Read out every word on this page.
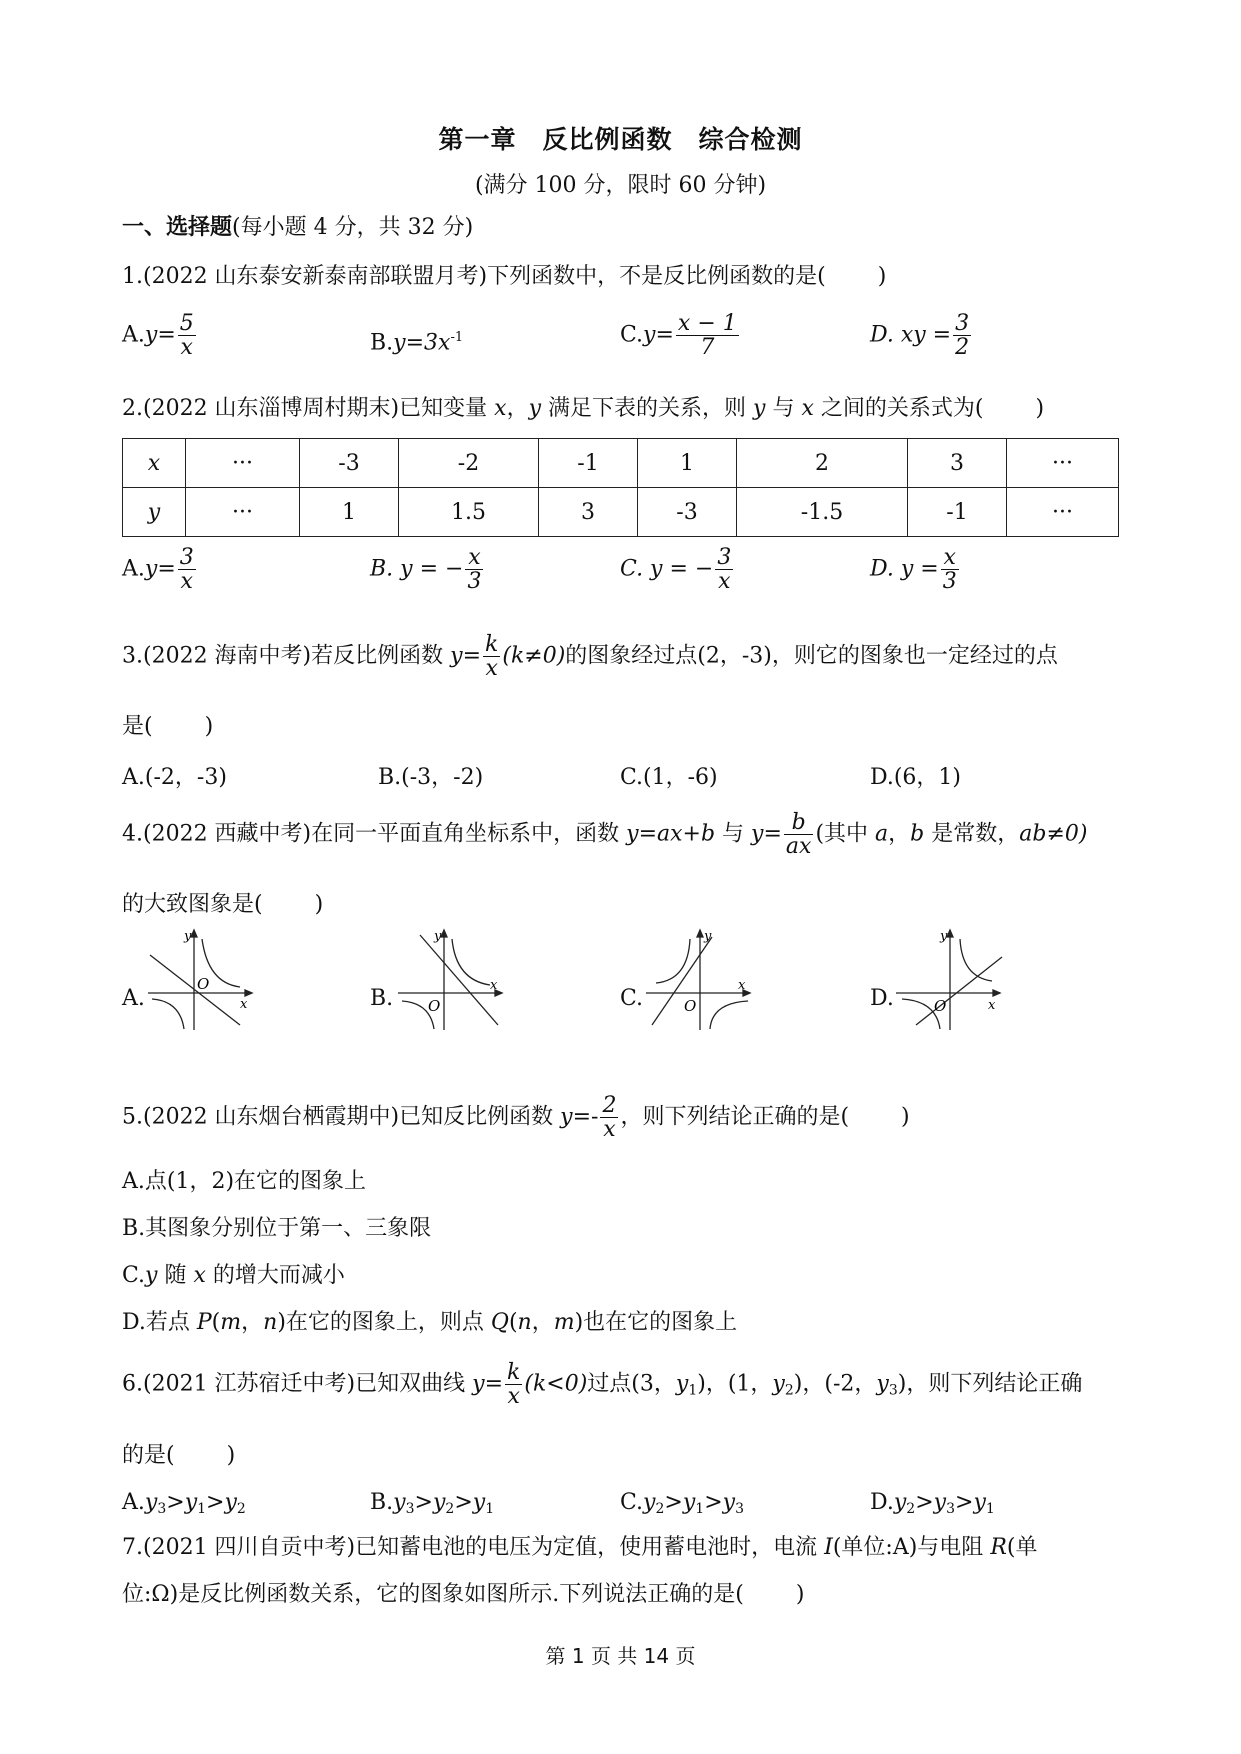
第一章　反比例函数　综合检测
(满分 100 分，限时 60 分钟)
一、选择题(每小题 4 分，共 32 分)
1.(2022 山东泰安新泰南部联盟月考)下列函数中，不是反比例函数的是( )
$A.y= \frac{5}{x}$	$B.y=3x^{-1}$	$C.y= \frac{x - 1}{7}$	D. xy = $\frac{3}{2}$
2.(2022 山东淄博周村期末)已知变量 x，y 满足下表的关系，则 y 与 x 之间的关系式为( )
x	···	-3	-2	-1	1	2	3	···
y	···	1	1.5	3	-3	-1.5	-1	···
$A.y= \frac{3}{x}$	B. y = − $\frac{x}{3}$	C. y = − $\frac{3}{x}$	D. $y = \frac{x}{3}$
3.(2022 海南中考)若反比例函数 $y= \frac{k}{x} (k\ne 0)$的图象经过点(2，-3)，则它的图象也一定经过的点
是( )
A.(-2，-3)	B.(-3，-2)	C.(1，-6)	D.(6，1)
4.(2022 西藏中考)在同一平面直角坐标系中，函数 y=ax+b 与 $y= \frac{b}{ax}$ (其中 a，b 是常数，ab≠0)
的大致图象是( )
A.
y
O
x	B.
y
O
x
C.
y
O
x
D.
y
O	x
5.(2022 山东烟台栖霞期中)已知反比例函数 $y=- \frac{2}{x}$ ，则下列结论正确的是( )
A.点(1，2)在它的图象上
B.其图象分别位于第一、三象限
C.y 随 x 的增大而减小
D.若点 P(m，n)在它的图象上，则点 Q(n，m)也在它的图象上
6.(2021 江苏宿迁中考)已知双曲线 $y= \frac{k}{x} (k<0)$过点(3，$y_1$)，(1，$y_2$)，(-2，$y_3$)，则下列结论正确
的是( )
$A.y_3>y_1>y_2$	$B.y_3>y_2>y_1$	$C.y_2>y_1>y_3$	$D.y_2>y_3>y_1$
7.(2021 四川自贡中考)已知蓄电池的电压为定值，使用蓄电池时，电流 I(单位:A)与电阻 R(单
位:Ω)是反比例函数关系，它的图象如图所示.下列说法正确的是( )
第 1 页 共 14 页
